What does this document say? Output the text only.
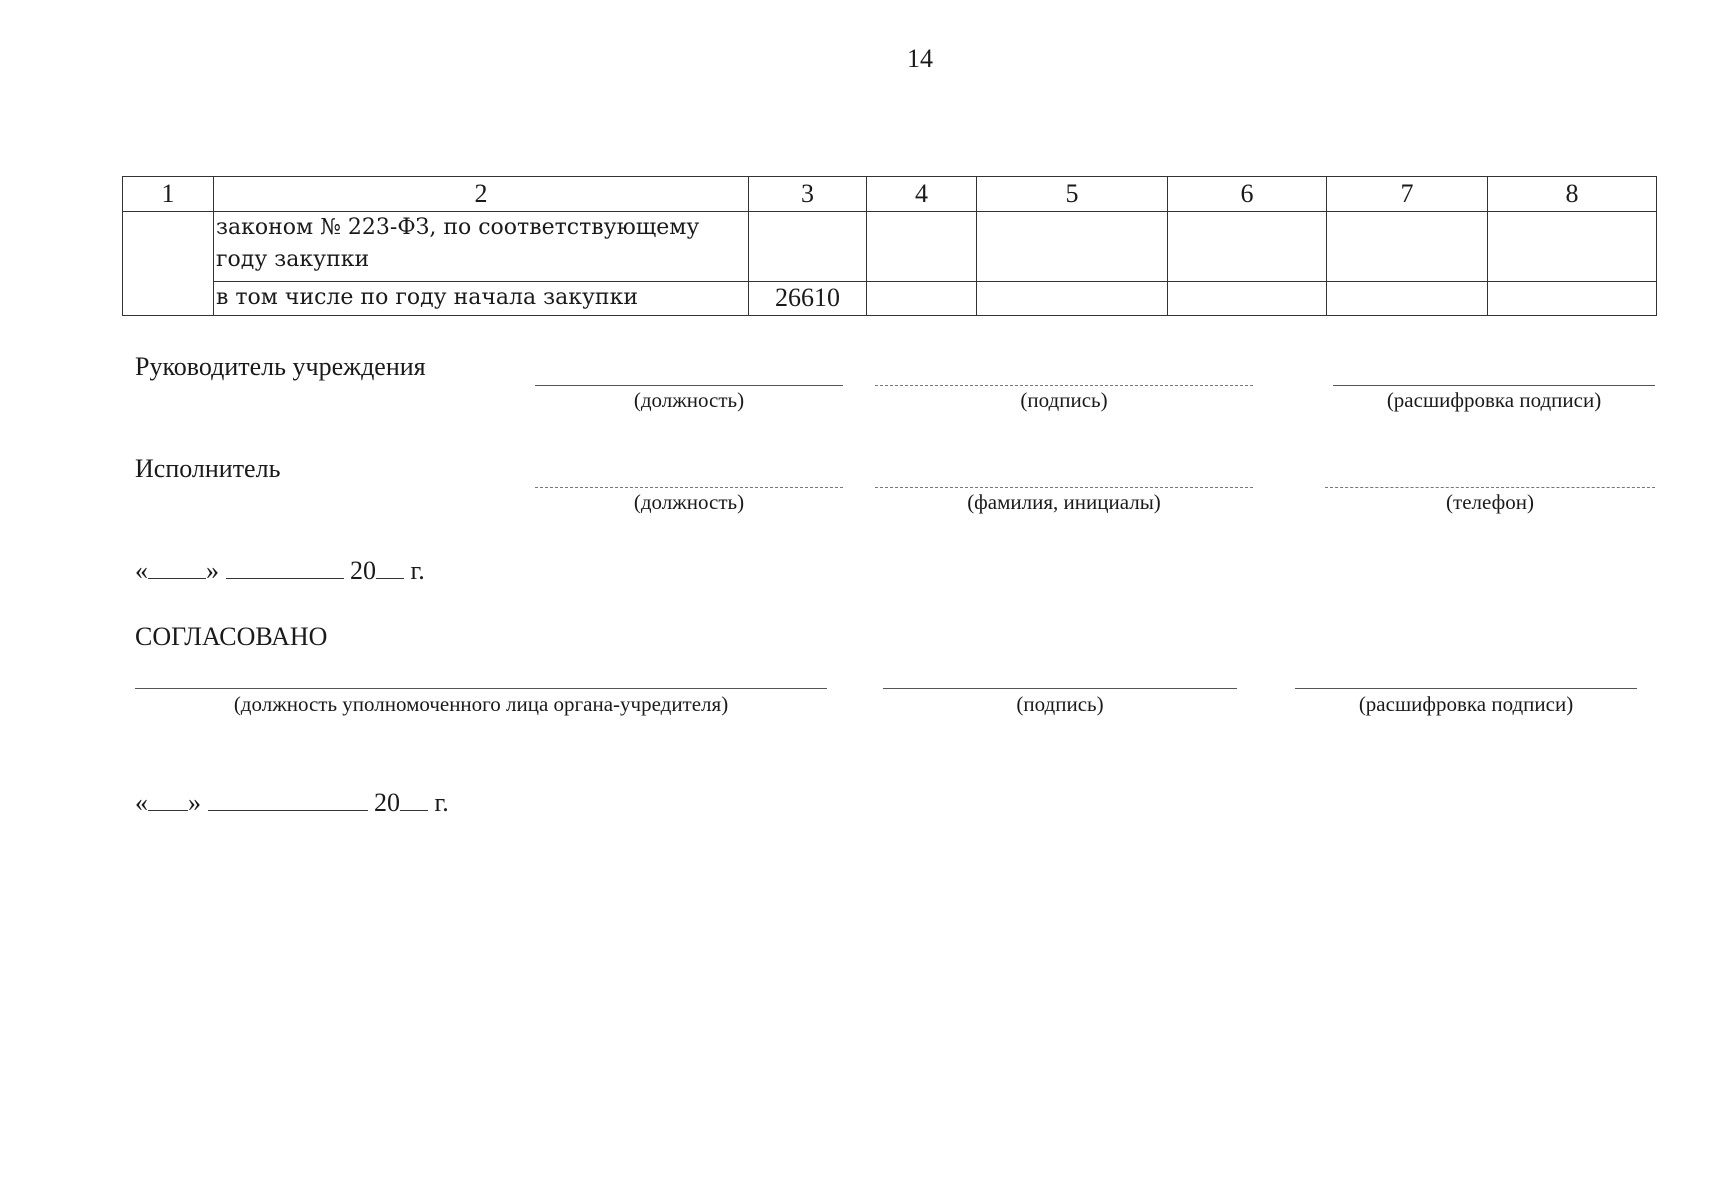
14
1	2	3	4	5	6	7	8
	законом № 223-ФЗ, по соответствующему году закупки						
	в том числе по году начала закупки	26610					
Руководитель учреждения
(должность)	(подпись)	(расшифровка подписи)
Исполнитель
(должность)	(фамилия, инициалы)	(телефон)
« »	20 г.
СОГЛАСОВАНО
(должность уполномоченного лица органа-учредителя)	(подпись)	(расшифровка подписи)
« »	20 г.
